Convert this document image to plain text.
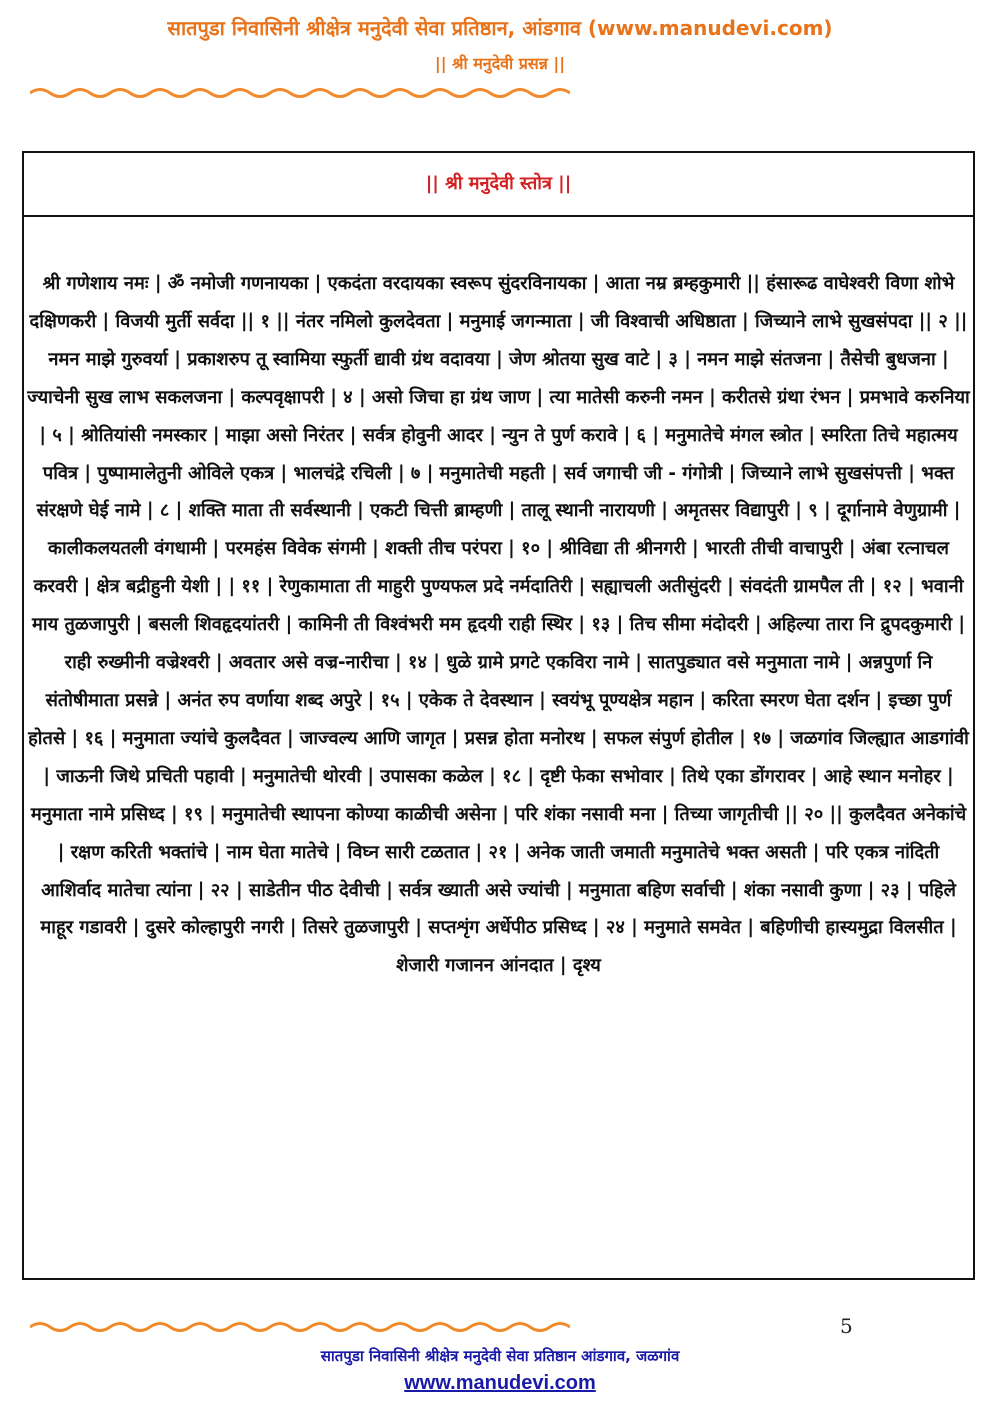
सातपुडा निवासिनी श्रीक्षेत्र मनुदेवी सेवा प्रतिष्ठान, आंडगाव (www.manudevi.com)
|| श्री मनुदेवी प्रसन्न ||
|| श्री मनुदेवी स्तोत्र ||
श्री गणेशाय नमः | ॐ नमोजी गणनायका | एकदंता वरदायका स्वरूप सुंदरविनायका | आता नम्र ब्रम्हकुमारी || हंसारूढ वाघेश्वरी विणा शोभे दक्षिणकरी | विजयी मुर्ती सर्वदा || १ || नंतर नमिलो कुलदेवता | मनुमाई जगन्माता | जी विश्वाची अधिष्ठाता | जिच्याने लाभे सुखसंपदा || २ || नमन माझे गुरुवर्या | प्रकाशरुप तू स्वामिया स्फुर्ती द्यावी ग्रंथ वदावया | जेण श्रोतया सुख वाटे | ३ | नमन माझे संतजना | तैसेची बुधजना | ज्याचेनी सुख लाभ सकलजना | कल्पवृक्षापरी | ४ | असो जिचा हा ग्रंथ जाण | त्या मातेसी करुनी नमन | करीतसे ग्रंथा रंभन | प्रमभावे करुनिया | ५ | श्रोतियांसी नमस्कार | माझा असो निरंतर | सर्वत्र होवुनी आदर | न्युन ते पुर्ण करावे | ६ | मनुमातेचे मंगल स्त्रोत | स्मरिता तिचे महात्मय पवित्र | पुष्पामालेतुनी ओविले एकत्र | भालचंद्रे रचिली | ७ | मनुमातेची महती | सर्व जगाची जी - गंगोत्री | जिच्याने लाभे सुखसंपत्ती | भक्त संरक्षणे घेई नामे | ८ | शक्ति माता ती सर्वस्थानी | एकटी चित्ती ब्राम्हणी | तालू स्थानी नारायणी | अमृतसर विद्यापुरी | ९ | दूर्गानामे वेणुग्रामी | कालीकलयतली वंगधामी | परमहंस विवेक संगमी | शक्ती तीच परंपरा | १० | श्रीविद्या ती श्रीनगरी | भारती तीची वाचापुरी | अंबा रत्नाचल करवरी | क्षेत्र बद्रीहुनी येशी | | ११ | रेणुकामाता ती माहुरी पुण्यफल प्रदे नर्मदातिरी | सह्याचली अतीसुंदरी | संवदंती ग्रामपैल ती | १२ | भवानी माय तुळजापुरी | बसली शिवहृदयांतरी | कामिनी ती विश्वंभरी मम हृदयी राही स्थिर | १३ | तिच सीमा मंदोदरी | अहिल्या तारा नि द्रुपदकुमारी | राही रुख्मीनी वज्रेश्वरी | अवतार असे वज्र-नारीचा | १४ | धुळे ग्रामे प्रगटे एकविरा नामे | सातपुड्यात वसे मनुमाता नामे | अन्नपुर्णा नि संतोषीमाता प्रसन्ने | अनंत रुप वर्णाया शब्द अपुरे | १५ | एकेक ते देवस्थान | स्वयंभू पूण्यक्षेत्र महान | करिता स्मरण घेता दर्शन | इच्छा पुर्ण होतसे | १६ | मनुमाता ज्यांचे कुलदैवत | जाज्वल्य आणि जागृत | प्रसन्न होता मनोरथ | सफल संपुर्ण होतील | १७ | जळगांव जिल्ह्यात आडगांवी | जाऊनी जिथे प्रचिती पहावी | मनुमातेची थोरवी | उपासका कळेल | १८ | दृष्टी फेका सभोवार | तिथे एका डोंगरावर | आहे स्थान मनोहर | मनुमाता नामे प्रसिध्द | १९ | मनुमातेची स्थापना कोण्या काळीची असेना | परि शंका नसावी मना | तिच्या जागृतीची || २० || कुलदैवत अनेकांचे | रक्षण करिती भक्तांचे | नाम घेता मातेचे | विघ्न सारी टळतात | २१ | अनेक जाती जमाती मनुमातेचे भक्त असती | परि एकत्र नांदिती आशिर्वाद मातेचा त्यांना | २२ | साडेतीन पीठ देवीची | सर्वत्र ख्याती असे ज्यांची | मनुमाता बहिण सर्वाची | शंका नसावी कुणा | २३ | पहिले माहूर गडावरी | दुसरे कोल्हापुरी नगरी | तिसरे तुळजापुरी | सप्तशृंग अर्धेपीठ प्रसिध्द | २४ | मनुमाते समवेत | बहिणीची हास्यमुद्रा विलसीत | शेजारी गजानन आंनदात | दृश्य
5
सातपुडा निवासिनी श्रीक्षेत्र मनुदेवी सेवा प्रतिष्ठान आंडगाव, जळगांव
www.manudevi.com
